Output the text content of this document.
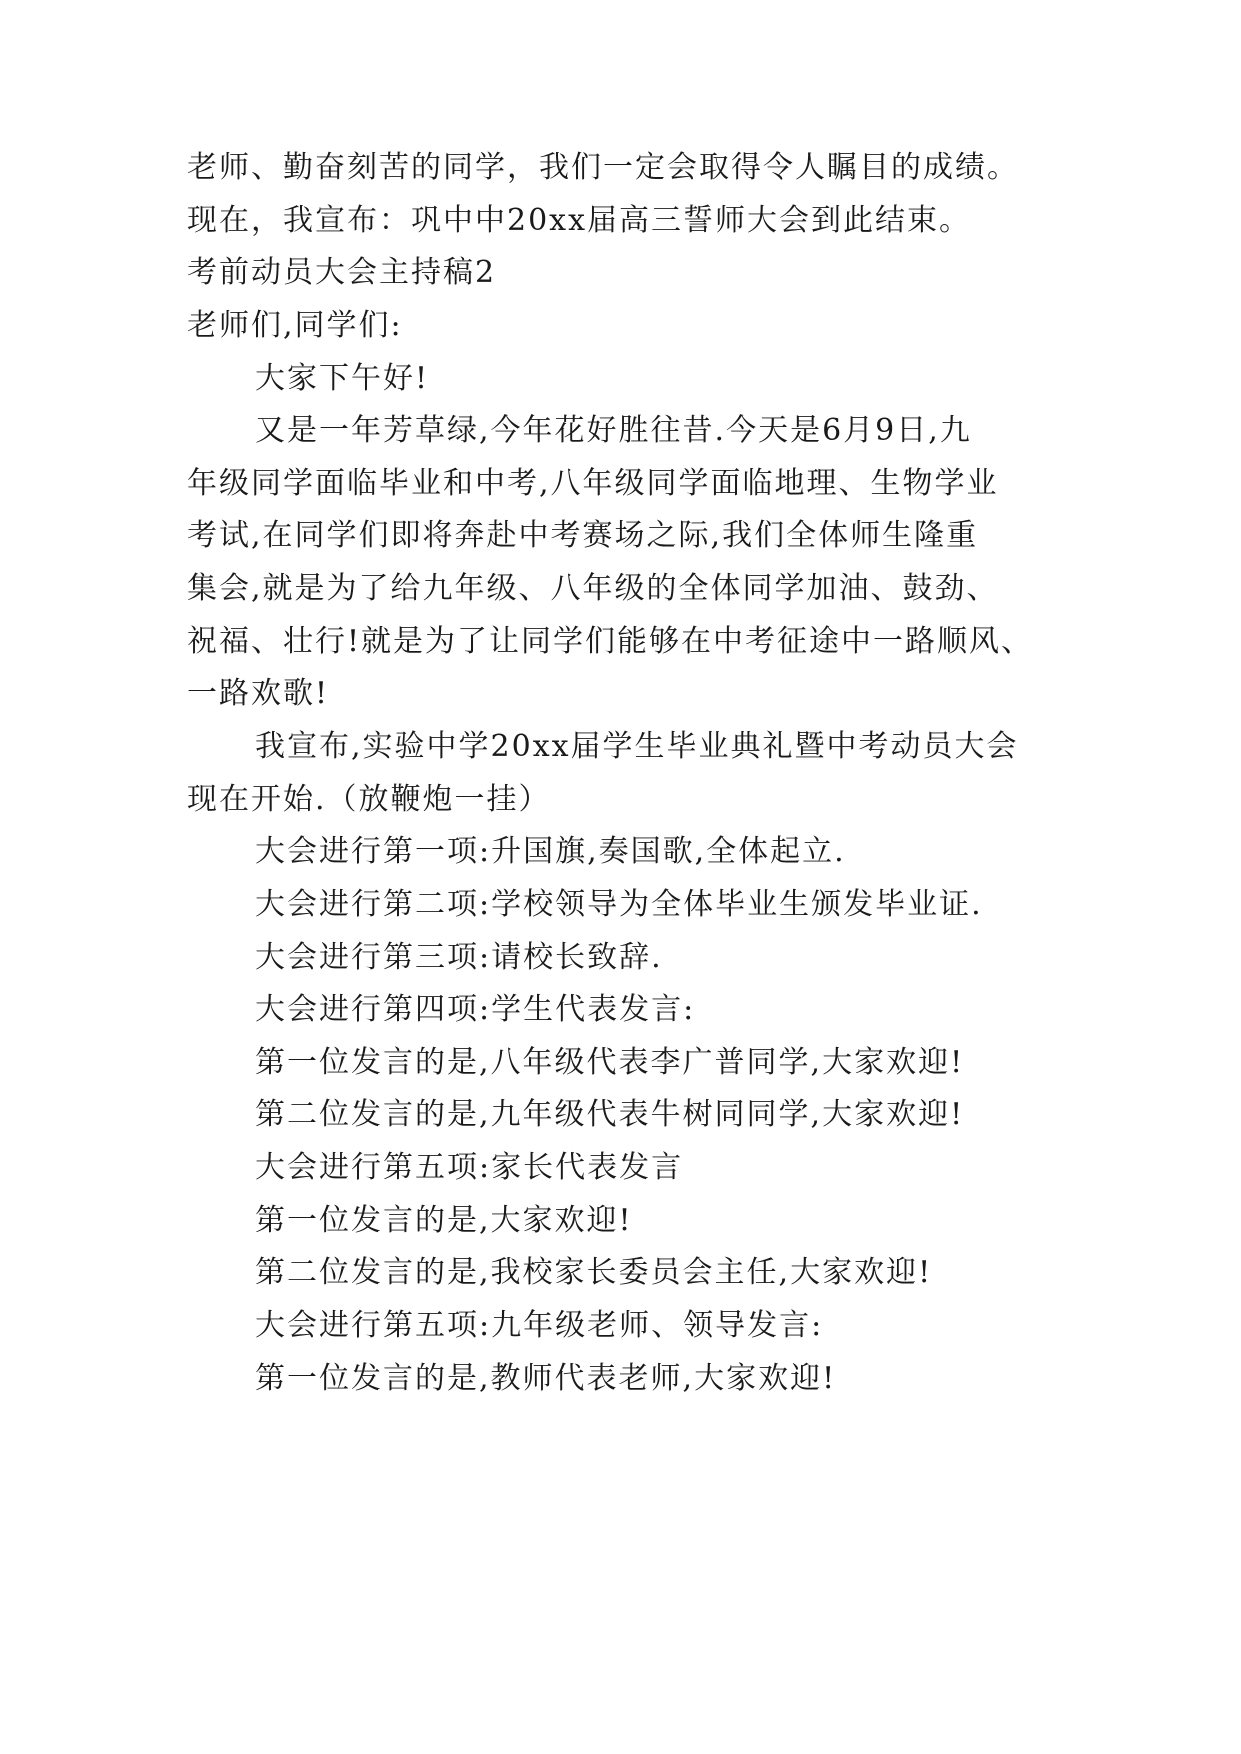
老师、勤奋刻苦的同学，我们一定会取得令人瞩目的成绩。
现在，我宣布：巩中中20xx届高三誓师大会到此结束。
考前动员大会主持稿2
老师们,同学们:
大家下午好!
又是一年芳草绿,今年花好胜往昔.今天是6月9日,九
年级同学面临毕业和中考,八年级同学面临地理、生物学业
考试,在同学们即将奔赴中考赛场之际,我们全体师生隆重
集会,就是为了给九年级、八年级的全体同学加油、鼓劲、
祝福、壮行!就是为了让同学们能够在中考征途中一路顺风、
一路欢歌!
我宣布,实验中学20xx届学生毕业典礼暨中考动员大会
现在开始.（放鞭炮一挂）
大会进行第一项:升国旗,奏国歌,全体起立.
大会进行第二项:学校领导为全体毕业生颁发毕业证.
大会进行第三项:请校长致辞.
大会进行第四项:学生代表发言:
第一位发言的是,八年级代表李广普同学,大家欢迎!
第二位发言的是,九年级代表牛树同同学,大家欢迎!
大会进行第五项:家长代表发言
第一位发言的是,大家欢迎!
第二位发言的是,我校家长委员会主任,大家欢迎!
大会进行第五项:九年级老师、领导发言:
第一位发言的是,教师代表老师,大家欢迎!
